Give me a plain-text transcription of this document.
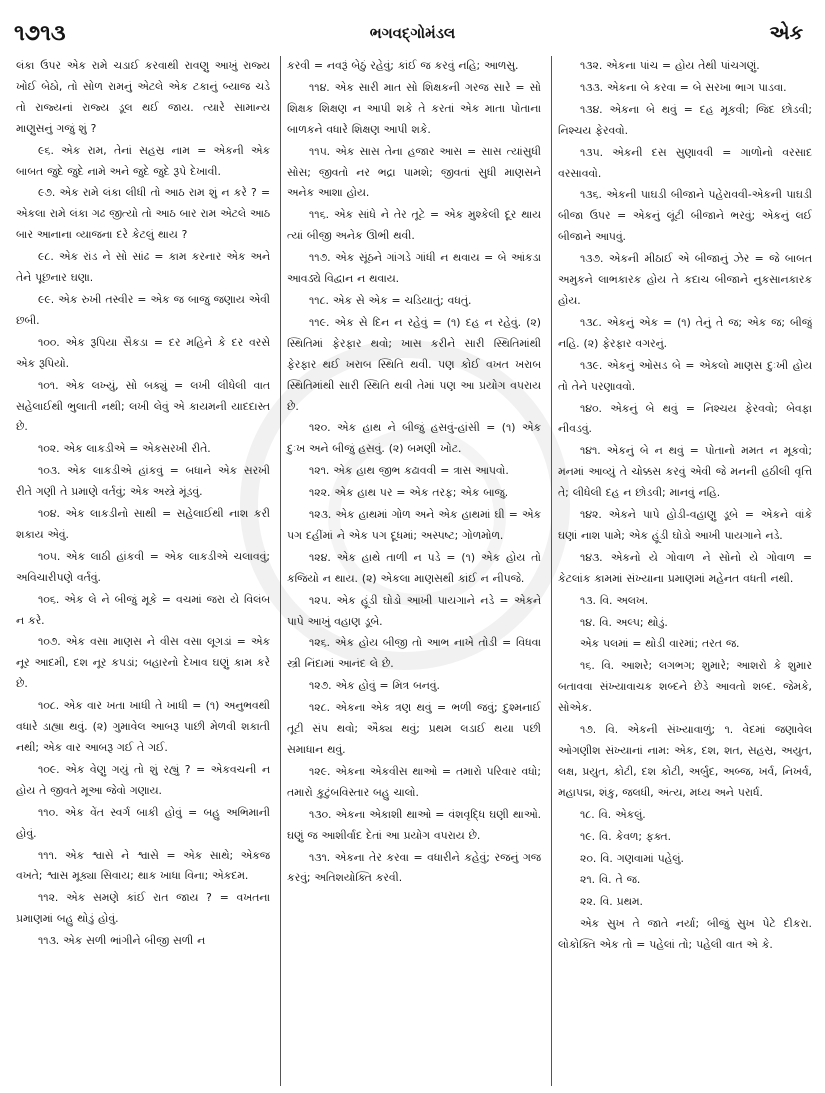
૧૭૧૩	ભગવદ્ગોમંડલ	એક

લંકા ઉપર એક રામે ચડાઈ કરવાથી રાવણુ આખું રાજ્ય ખોઈ બેઠો, તો સોળ રામનું એટલે એક ટકાનું બ્યાજ ચડે તો રાજ્યનાં રાજ્ય ડૂલ થઈ જાય. ત્યારે સામાન્ય માણુસનું ગજું શું ?

૯૬. એક રામ, તેનાં સહસ્ર નામ = એકની એક બાબત જુદે જુદે નામે અને જુદે જુદે રૂપે દેખાવી.

૯૭. એક રામે લંકા લીધી તો આઠ રામ શું ન કરે ? = એકલા રામે લંકા ગઢ જીત્યો તો આઠ બાર રામ એટલે આઠ બાર આનાના વ્યાજના દરે કેટલું થાય ?

૯૮. એક રાંડ ને સો સાંઢ = કામ કરનાર એક અને તેને પૂછનાર ઘણા.

૯૯. એક રુખી તસ્વીર = એક જ બાજુ જણાય એવી છબી.

૧૦૦. એક રૂપિયા સૈકડા = દર મહિને કે દર વરસે એક રૂપિયો.

૧૦૧. એક લખ્યું, સો બક્યું = લખી લીધેલી વાત સહેલાઈથી ભુલાતી નથી; લખી લેવું એ કાયમની યાદદાસ્ત છે.

૧૦૨. એક લાકડીએ = એકસરખી રીતે.

૧૦૩. એક લાકડીએ હાંકવું = બધાને એક સરખી રીતે ગણી તે પ્રમાણે વર્તવું; એક અસ્ત્રે મૂંડવું.

૧૦૪. એક લાકડીનો સાથી = સહેલાઈથી નાશ કરી શકાય એવું.

૧૦૫. એક લાઠી હાંકવી = એક લાકડીએ ચલાવવું; અવિચારીપણે વર્તવું.

૧૦૬. એક લે ને બીજું મૂકે = વચમાં જરા યે વિલંબ ન કરે.

૧૦૭. એક વસા માણસ ને વીસ વસા લૂગડાં = એક નૂર આદમી, દશ નૂર કપડાં; બહારનો દેખાવ ઘણું કામ કરે છે.

૧૦૮. એક વાર ખતા ખાધી તે ખાધી = (૧) અનુભવથી વધારે ડાહ્યા થવું. (૨) ગુમાવેલ આબરૂ પાછી મેળવી શકાતી નથી; એક વાર આબરૂ ગઈ તે ગઈ.

૧૦૯. એક વેણુ ગયું તો શું રહ્યું ? = એકવચની ન હોય તે જીવતે મૂઆ જેવો ગણાય.

૧૧૦. એક વેંત સ્વર્ગ બાકી હોવું = બહુ અભિમાની હોવું.

૧૧૧. એક શ્વાસે ને શ્વાસે = એક સાથે; એકજ વખતે; શ્વાસ મૂક્યા સિવાય; થાક ખાધા વિના; એકદમ.

૧૧૨. એક સમણે કાંઈ રાત જાય ? = વખતના પ્રમાણમાં બહુ થોડું હોવું.

૧૧૩. એક સળી ભાંગીને બીજી સળી ન

કરવી = નવરૂં બેઠું રહેવું; કાંઈ જ કરવું નહિ; આળસુ.

૧૧૪. એક સારી માત સો શિક્ષકની ગરજ સારે = સો શિક્ષક શિક્ષણ ન આપી શકે તે કરતાં એક માતા પોતાના બાળકને વધારે શિક્ષણ આપી શકે.

૧૧૫. એક સાસ તેના હજાર આસ = સાસ ત્યાંસુધી સોસ; જીવતો નર ભદ્રા પામશે; જીવતાં સુધી માણસને અનેક આશા હોય.

૧૧૬. એક સાંધે ને તેર તૂટે = એક મુશ્કેલી દૂર થાય ત્યાં બીજી અનેક ઊભી થવી.

૧૧૭. એક સૂંઠને ગાંગડે ગાંધી ન થવાય = બે આંકડા આવડ્યે વિદ્વાન ન થવાય.

૧૧૮. એક સે એક = ચડિયાતું; વધતું.

૧૧૯. એક સે દિન ન રહેવું = (૧) દહ ન રહેવું. (૨) સ્થિતિમાં ફેરફાર થવો; ખાસ કરીને સારી સ્થિતિમાંથી ફેરફાર થઈ ખરાબ સ્થિતિ થવી. પણ કોઈ વખત ખરાબ સ્થિતિમાંથી સારી સ્થિતિ થવી તેમાં પણ આ પ્રયોગ વપરાય છે.

૧૨૦. એક હાથ ને બીજું હસવું-હાંસી = (૧) એક દુઃખ અને બીજું હસવું. (૨) બમણી ખોટ.

૧૨૧. એક હાથ જીભ કઢાવવી = ત્રાસ આપવો.

૧૨૨. એક હાથ પર = એક તરફ; એક બાજુ.

૧૨૩. એક હાથમાં ગોળ અને એક હાથમાં ઘી = એક પગ દહીંમાં ને એક પગ દૂધમાં; અસ્પષ્ટ; ગોળમોળ.

૧૨૪. એક હાથે તાળી ન પડે = (૧) એક હોય તો કજિયો ન થાય. (૨) એકલા માણસથી કાંઈ ન નીપજે.

૧૨૫. એક હૂંડી ઘોડો આખી પાયગાને નડે = એકને પાપે આખું વહાણ ડૂબે.

૧૨૬. એક હોય બીજી તો આભ નાખે તોડી = વિધવા સ્ત્રી નિંદામાં આનંદ લે છે.

૧૨૭. એક હોવું = મિત્ર બનવું.

૧૨૮. એકના એક ત્રણ થવું = ભળી જવું; દુશ્મનાઈ તૂટી સંપ થવો; ઐક્ય થવું; પ્રથમ લડાઈ થયા પછી સમાધાન થવું.

૧૨૯. એકના એકવીસ થાઓ = તમારો પરિવાર વધો; તમારો કુટુંબવિસ્તાર બહુ ચાલો.

૧૩૦. એકના એકાશી થાઓ = વંશવૃદ્ધિ ઘણી થાઓ. ઘણું જ આશીર્વાદ દેતાં આ પ્રયોગ વપરાય છે.

૧૩૧. એકના તેર કરવા = વધારીને કહેવું; રજનું ગજ કરવું; અતિશયોક્તિ કરવી.

૧૩૨. એકના પાંચ = હોય તેથી પાંચગણું.

૧૩૩. એકના બે કરવા = બે સરખા ભાગ પાડવા.

૧૩૪. એકના બે થવું = દહ મૂકવી; જિદ છોડવી; નિશ્ચય ફેરવવો.

૧૩૫. એકની દસ સુણાવવી = ગાળોનો વરસાદ વરસાવવો.

૧૩૬. એકની પાઘડી બીજાને પહેરાવવી-એકની પાઘડી બીજા ઉપર = એકનું લૂંટી બીજાને ભરવું; એકનું લઈ બીજાને આપવું.

૧૩૭. એકની મીઠાઈ એ બીજાનું ઝેર = જે બાબત અમુકને લાભકારક હોય તે કદાચ બીજાને નુકસાનકારક હોય.

૧૩૮. એકનું એક = (૧) તેનું તે જ; એક જ; બીજું નહિ. (૨) ફેરફાર વગરનું.

૧૩૯. એકનું ઓસડ બે = એકલો માણસ દુઃખી હોય તો તેને પરણાવવો.

૧૪૦. એકનું બે થવું = નિશ્ચય ફેરવવો; બેવફા નીવડવું.

૧૪૧. એકનું બે ન થવું = પોતાનો મમત ન મૂકવો; મનમાં આવ્યું તે ચોક્કસ કરવું એવી જે મનની હઠીલી વૃત્તિ તે; લીધેલી દહ ન છોડવી; માનવું નહિ.

૧૪૨. એકને પાપે હોડી-વહાણુ ડૂબે = એકને વાંકે ઘણાં નાશ પામે; એક હૂંડી ઘોડો આખી પાયગાને નડે.

૧૪૩. એકનો યે ગોવાળ ને સોનો યે ગોવાળ = કેટલાંક કામમાં સંખ્યાના પ્રમાણમાં મહેનત વધતી નથી.

૧૩. વિ. અલખ.

૧૪. વિ. અલ્પ; થોડું.

એક પલમાં = થોડી વારમાં; તરત જ.

૧૬. વિ. આશરે; લગભગ; શુમારે; આશરો કે શુમાર બતાવવા સંખ્યાવાચક શબ્દને છેડે આવતો શબ્દ. જેમકે, સોએક.

૧૭. વિ. એકની સંખ્યાવાળું; ૧. વેદમાં જણાવેલ ઓગણીશ સંખ્યાનાં નામ: એક, દશ, શત, સહસ્ર, અયુત, લક્ષ, પ્રયુત, કોટી, દશ કોટી, અર્બુદ, અબ્જ, ખર્વ, નિખર્વ, મહાપદ્મ, શંકુ, જલધી, અંત્ય, મધ્ય અને પરાર્ધ.

૧૮. વિ. એકલું.

૧૯. વિ. કેવળ; ફક્ત.

૨૦. વિ. ગણવામાં પહેલું.

૨૧. વિ. તે જ.

૨૨. વિ. પ્રથમ.

એક સુખ તે જાતે નર્યા; બીજું સુખ પેટે દીકરા. લોકોક્તિ એક તો = પહેલાં તો; પહેલી વાત એ કે.
